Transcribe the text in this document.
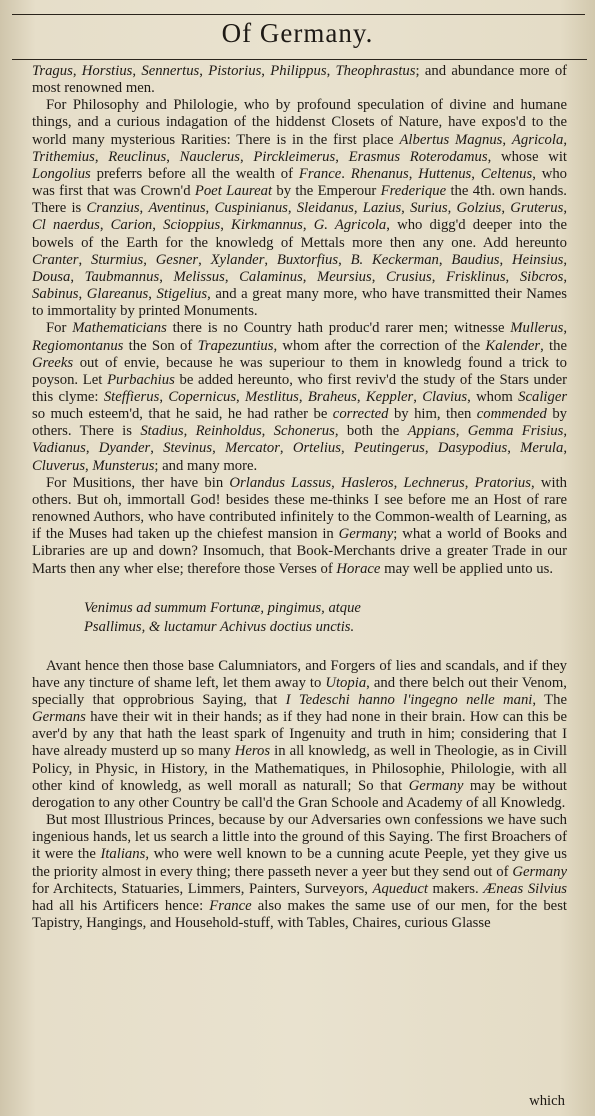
Of Germany.

Tragus, Horstius, Sennertus, Pistorius, Philippus, Theophrastus; and abundance more of most renowned men.

For Philosophy and Philologie, who by profound speculation of divine and humane things, and a curious indagation of the hiddenst Closets of Nature, have expos'd to the world many mysterious Rarities: There is in the first place Albertus Magnus, Agricola, Trithemius, Reuclinus, Nauclerus, Pirckleimerus, Erasmus Roterodamus, whose wit Longolius preferrs before all the wealth of France. Rhenanus, Huttenus, Celtenus, who was first that was Crown'd Poet Laureat by the Emperour Frederique the 4th. own hands. There is Cranzius, Aventinus, Cuspinianus, Sleidanus, Lazius, Surius, Golzius, Gruterus, Cl naerdus, Carion, Scioppius, Kirkmannus, G. Agricola, who digg'd deeper into the bowels of the Earth for the knowledg of Mettals more then any one. Add hereunto Cranter, Sturmius, Gesner, Xylander, Buxtorfius, B. Keckerman, Baudius, Heinsius, Dousa, Taubmannus, Melissus, Calaminus, Meursius, Crusius, Frisklinus, Sibcros, Sabinus, Glareanus, Stigelius, and a great many more, who have transmitted their Names to immortality by printed Monuments.

For Mathematicians there is no Country hath produc'd rarer men; witnesse Mullerus, Regiomontanus the Son of Trapezuntius, whom after the correction of the Kalender, the Greeks out of envie, because he was superiour to them in knowledg found a trick to poyson. Let Purbachius be added hereunto, who first reviv'd the study of the Stars under this clyme: Steffierus, Copernicus, Mestlitus, Braheus, Keppler, Clavius, whom Scaliger so much esteem'd, that he said, he had rather be corrected by him, then commended by others. There is Stadius, Reinholdus, Schonerus, both the Appians, Gemma Frisius, Vadianus, Dyander, Stevinus, Mercator, Ortelius, Peutingerus, Dasypodius, Merula, Cluverus, Munsterus; and many more.

For Musitions, ther have bin Orlandus Lassus, Hasleros, Lechnerus, Pratorius, with others. But oh, immortall God! besides these me-thinks I see before me an Host of rare renowned Authors, who have contributed infinitely to the Common-wealth of Learning, as if the Muses had taken up the chiefest mansion in Germany; what a world of Books and Libraries are up and down? Insomuch, that Book-Merchants drive a greater Trade in our Marts then any wher else; therefore those Verses of Horace may well be applied unto us.

Venimus ad summum Fortunæ, pingimus, atque
Psallimus, & luctamur Achivus doctius unctis.

Avant hence then those base Calumniators, and Forgers of lies and scandals, and if they have any tincture of shame left, let them away to Utopia, and there belch out their Venom, specially that opprobrious Saying, that I Tedeschi hanno l'ingegno nelle mani, The Germans have their wit in their hands; as if they had none in their brain. How can this be aver'd by any that hath the least spark of Ingenuity and truth in him; considering that I have already musterd up so many Heros in all knowledg, as well in Theologie, as in Civill Policy, in Physic, in History, in the Mathematiques, in Philosophie, Philologie, with all other kind of knowledg, as well morall as naturall; So that Germany may be without derogation to any other Country be call'd the Gran Schoole and Academy of all Knowledg.

But most Illustrious Princes, because by our Adversaries own confessions we have such ingenious hands, let us search a little into the ground of this Saying. The first Broachers of it were the Italians, who were well known to be a cunning acute Peeple, yet they give us the priority almost in every thing; there passeth never a yeer but they send out of Germany for Architects, Statuaries, Limmers, Painters, Surveyors, Aqueduct makers. Æneas Silvius had all his Artificers hence: France also makes the same use of our men, for the best Tapistry, Hangings, and Household-stuff, with Tables, Chaires, curious Glasse

which
